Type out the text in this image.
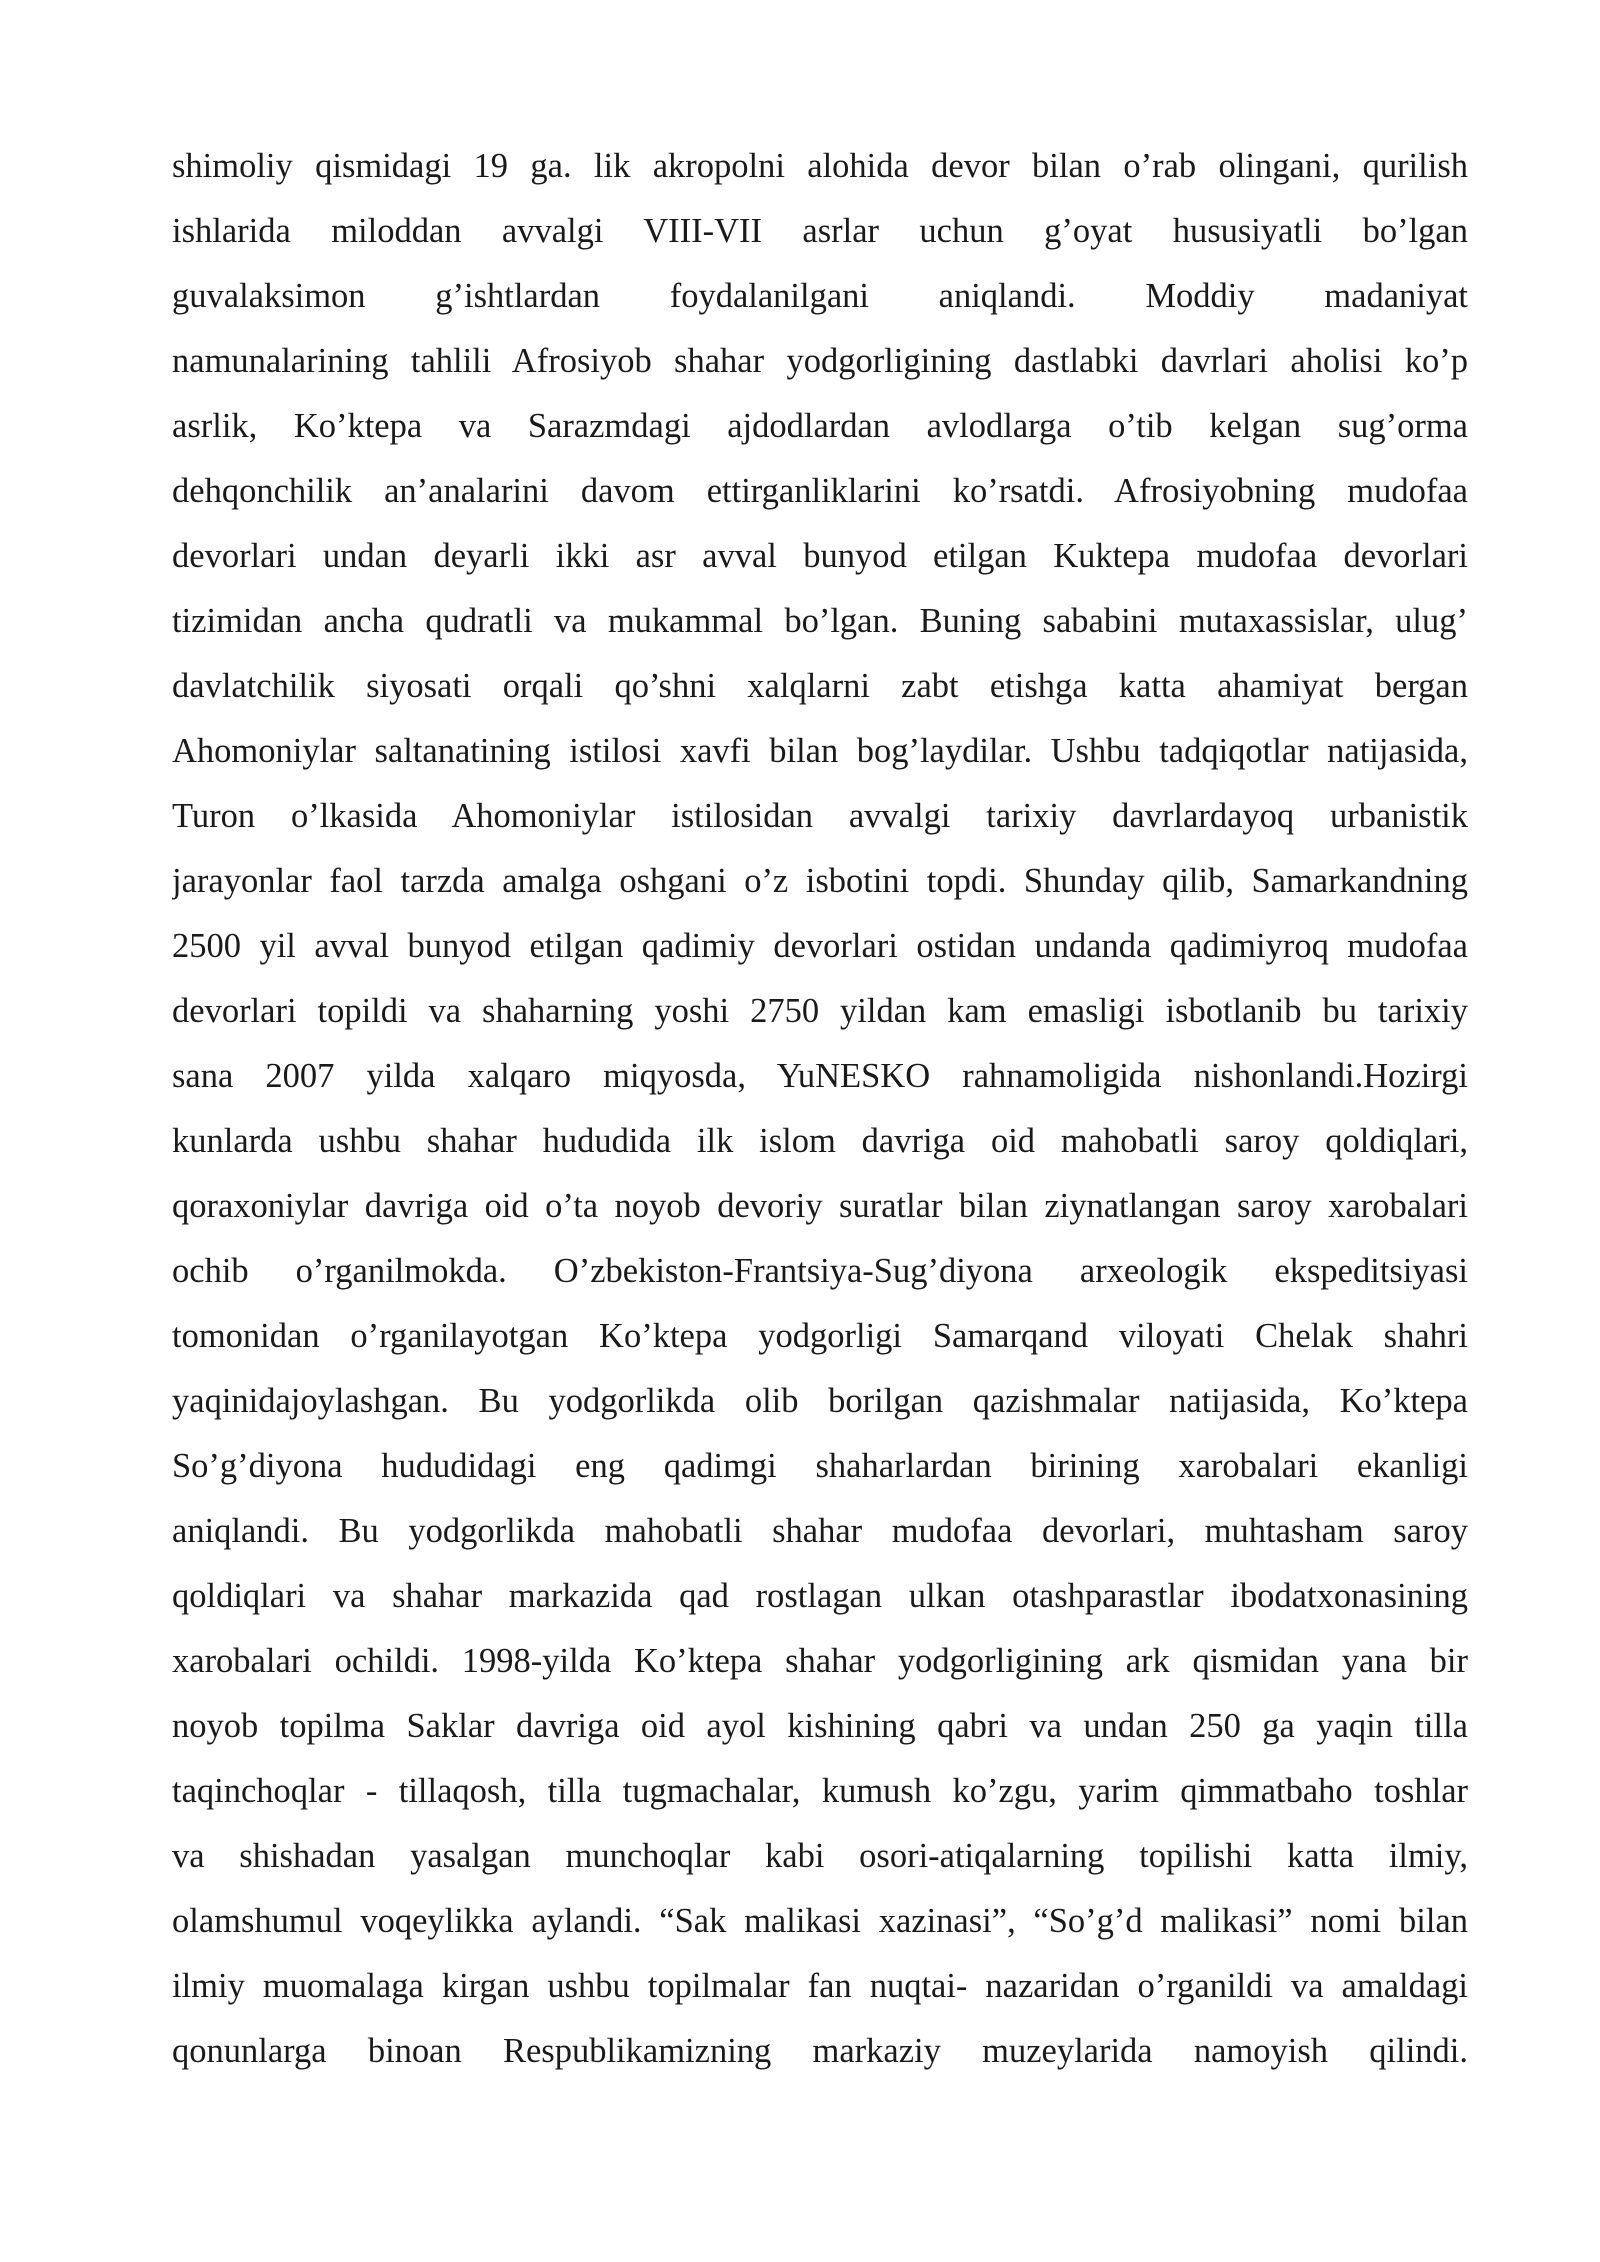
shimoliy qismidagi 19 ga. lik akropolni alohida devor bilan o’rab olingani, qurilish
ishlarida miloddan avvalgi VIII-VII asrlar uchun g’oyat hususiyatli bo’lgan
guvalaksimon g’ishtlardan foydalanilgani aniqlandi. Moddiy madaniyat
namunalarining tahlili Afrosiyob shahar yodgorligining dastlabki davrlari aholisi ko’p
asrlik, Ko’ktepa va Sarazmdagi ajdodlardan avlodlarga o’tib kelgan sug’orma
dehqonchilik an’analarini davom ettirganliklarini ko’rsatdi. Afrosiyobning mudofaa
devorlari undan deyarli ikki asr avval bunyod etilgan Kuktepa mudofaa devorlari
tizimidan ancha qudratli va mukammal bo’lgan. Buning sababini mutaxassislar, ulug’
davlatchilik siyosati orqali qo’shni xalqlarni zabt etishga katta ahamiyat bergan
Ahomoniylar saltanatining istilosi xavfi bilan bog’laydilar. Ushbu tadqiqotlar natijasida,
Turon o’lkasida Ahomoniylar istilosidan avvalgi tarixiy davrlardayoq urbanistik
jarayonlar faol tarzda amalga oshgani o’z isbotini topdi. Shunday qilib, Samarkandning
2500 yil avval bunyod etilgan qadimiy devorlari ostidan undanda qadimiyroq mudofaa
devorlari topildi va shaharning yoshi 2750 yildan kam emasligi isbotlanib bu tarixiy
sana 2007 yilda xalqaro miqyosda, YuNESKO rahnamoligida nishonlandi.Hozirgi
kunlarda ushbu shahar hududida ilk islom davriga oid mahobatli saroy qoldiqlari,
qoraxoniylar davriga oid o’ta noyob devoriy suratlar bilan ziynatlangan saroy xarobalari
ochib o’rganilmokda. O’zbekiston-Frantsiya-Sug’diyona arxeologik ekspeditsiyasi
tomonidan o’rganilayotgan Ko’ktepa yodgorligi Samarqand viloyati Chelak shahri
yaqinidajoylashgan. Bu yodgorlikda olib borilgan qazishmalar natijasida, Ko’ktepa
So’g’diyona hududidagi eng qadimgi shaharlardan birining xarobalari ekanligi
aniqlandi. Bu yodgorlikda mahobatli shahar mudofaa devorlari, muhtasham saroy
qoldiqlari va shahar markazida qad rostlagan ulkan otashparastlar ibodatxonasining
xarobalari ochildi. 1998-yilda Ko’ktepa shahar yodgorligining ark qismidan yana bir
noyob topilma Saklar davriga oid ayol kishining qabri va undan 250 ga yaqin tilla
taqinchoqlar - tillaqosh, tilla tugmachalar, kumush ko’zgu, yarim qimmatbaho toshlar
va shishadan yasalgan munchoqlar kabi osori-atiqalarning topilishi katta ilmiy,
olamshumul voqeylikka aylandi. “Sak malikasi xazinasi”, “So’g’d malikasi” nomi bilan
ilmiy muomalaga kirgan ushbu topilmalar fan nuqtai- nazaridan o’rganildi va amaldagi
qonunlarga binoan Respublikamizning markaziy muzeylarida namoyish qilindi.
